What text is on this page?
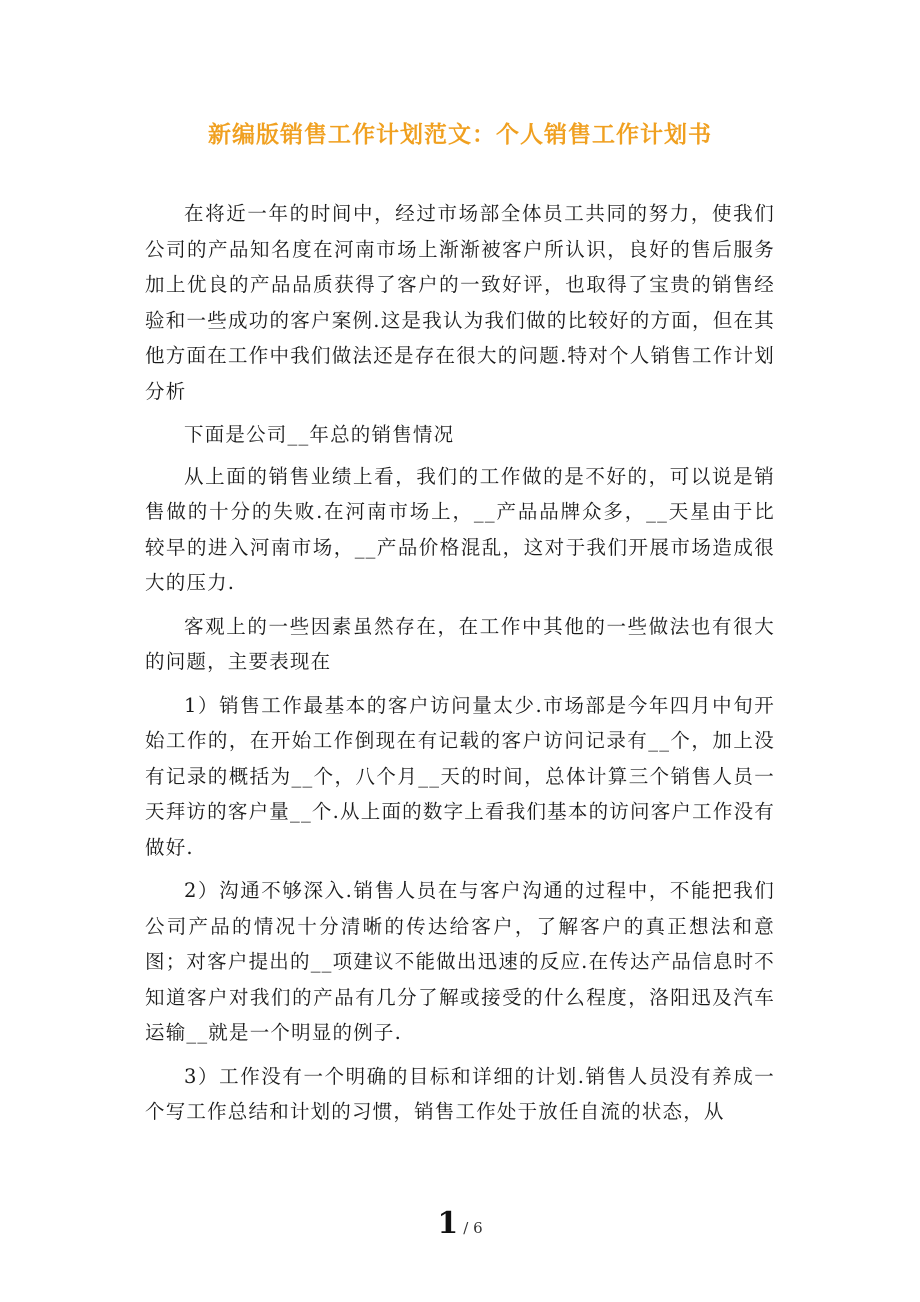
新编版销售工作计划范文：个人销售工作计划书

在将近一年的时间中，经过市场部全体员工共同的努力，使我们公司的产品知名度在河南市场上渐渐被客户所认识，良好的售后服务加上优良的产品品质获得了客户的一致好评，也取得了宝贵的销售经验和一些成功的客户案例.这是我认为我们做的比较好的方面，但在其他方面在工作中我们做法还是存在很大的问题.特对个人销售工作计划分析

下面是公司__年总的销售情况

从上面的销售业绩上看，我们的工作做的是不好的，可以说是销售做的十分的失败.在河南市场上，__产品品牌众多，__天星由于比较早的进入河南市场，__产品价格混乱，这对于我们开展市场造成很大的压力.

客观上的一些因素虽然存在，在工作中其他的一些做法也有很大的问题，主要表现在

1）销售工作最基本的客户访问量太少.市场部是今年四月中旬开始工作的，在开始工作倒现在有记载的客户访问记录有__个，加上没有记录的概括为__个，八个月__天的时间，总体计算三个销售人员一天拜访的客户量__个.从上面的数字上看我们基本的访问客户工作没有做好.

2）沟通不够深入.销售人员在与客户沟通的过程中，不能把我们公司产品的情况十分清晰的传达给客户，了解客户的真正想法和意图；对客户提出的__项建议不能做出迅速的反应.在传达产品信息时不知道客户对我们的产品有几分了解或接受的什么程度，洛阳迅及汽车运输__就是一个明显的例子.

3）工作没有一个明确的目标和详细的计划.销售人员没有养成一个写工作总结和计划的习惯，销售工作处于放任自流的状态，从

1 / 6
